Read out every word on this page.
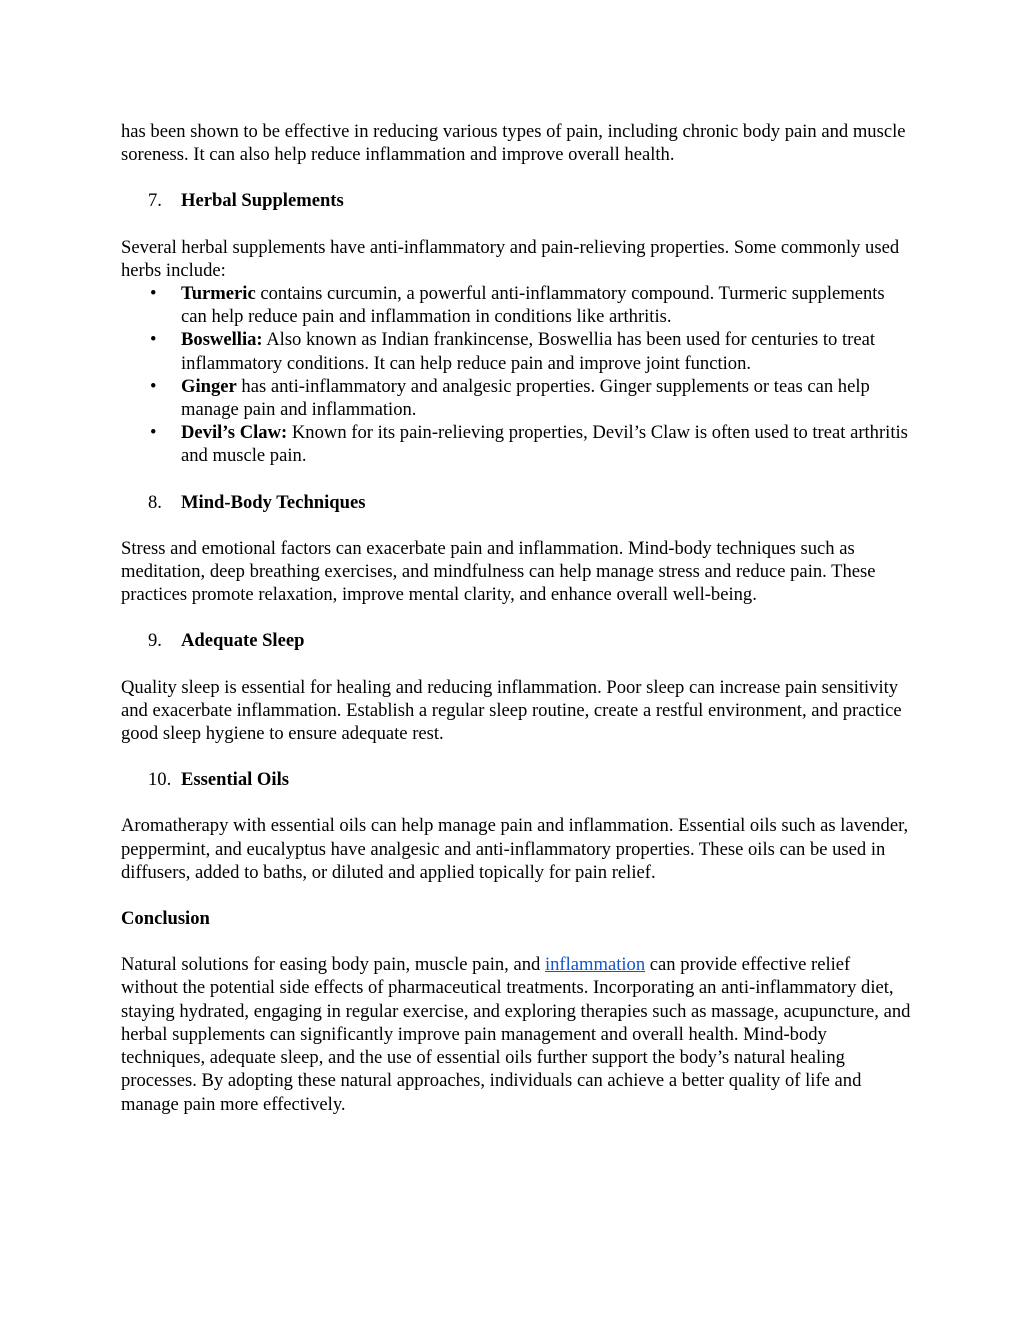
has been shown to be effective in reducing various types of pain, including chronic body pain and muscle soreness. It can also help reduce inflammation and improve overall health.

7. Herbal Supplements

Several herbal supplements have anti-inflammatory and pain-relieving properties. Some commonly used herbs include:

• Turmeric contains curcumin, a powerful anti-inflammatory compound. Turmeric supplements can help reduce pain and inflammation in conditions like arthritis.
• Boswellia: Also known as Indian frankincense, Boswellia has been used for centuries to treat inflammatory conditions. It can help reduce pain and improve joint function.
• Ginger has anti-inflammatory and analgesic properties. Ginger supplements or teas can help manage pain and inflammation.
• Devil’s Claw: Known for its pain-relieving properties, Devil’s Claw is often used to treat arthritis and muscle pain.
8. Mind-Body Techniques

Stress and emotional factors can exacerbate pain and inflammation. Mind-body techniques such as meditation, deep breathing exercises, and mindfulness can help manage stress and reduce pain. These practices promote relaxation, improve mental clarity, and enhance overall well-being.

9. Adequate Sleep

Quality sleep is essential for healing and reducing inflammation. Poor sleep can increase pain sensitivity and exacerbate inflammation. Establish a regular sleep routine, create a restful environment, and practice good sleep hygiene to ensure adequate rest.

10. Essential Oils

Aromatherapy with essential oils can help manage pain and inflammation. Essential oils such as lavender, peppermint, and eucalyptus have analgesic and anti-inflammatory properties. These oils can be used in diffusers, added to baths, or diluted and applied topically for pain relief.

Conclusion

Natural solutions for easing body pain, muscle pain, and inflammation can provide effective relief without the potential side effects of pharmaceutical treatments. Incorporating an anti-inflammatory diet, staying hydrated, engaging in regular exercise, and exploring therapies such as massage, acupuncture, and herbal supplements can significantly improve pain management and overall health. Mind-body techniques, adequate sleep, and the use of essential oils further support the body’s natural healing processes. By adopting these natural approaches, individuals can achieve a better quality of life and manage pain more effectively.
